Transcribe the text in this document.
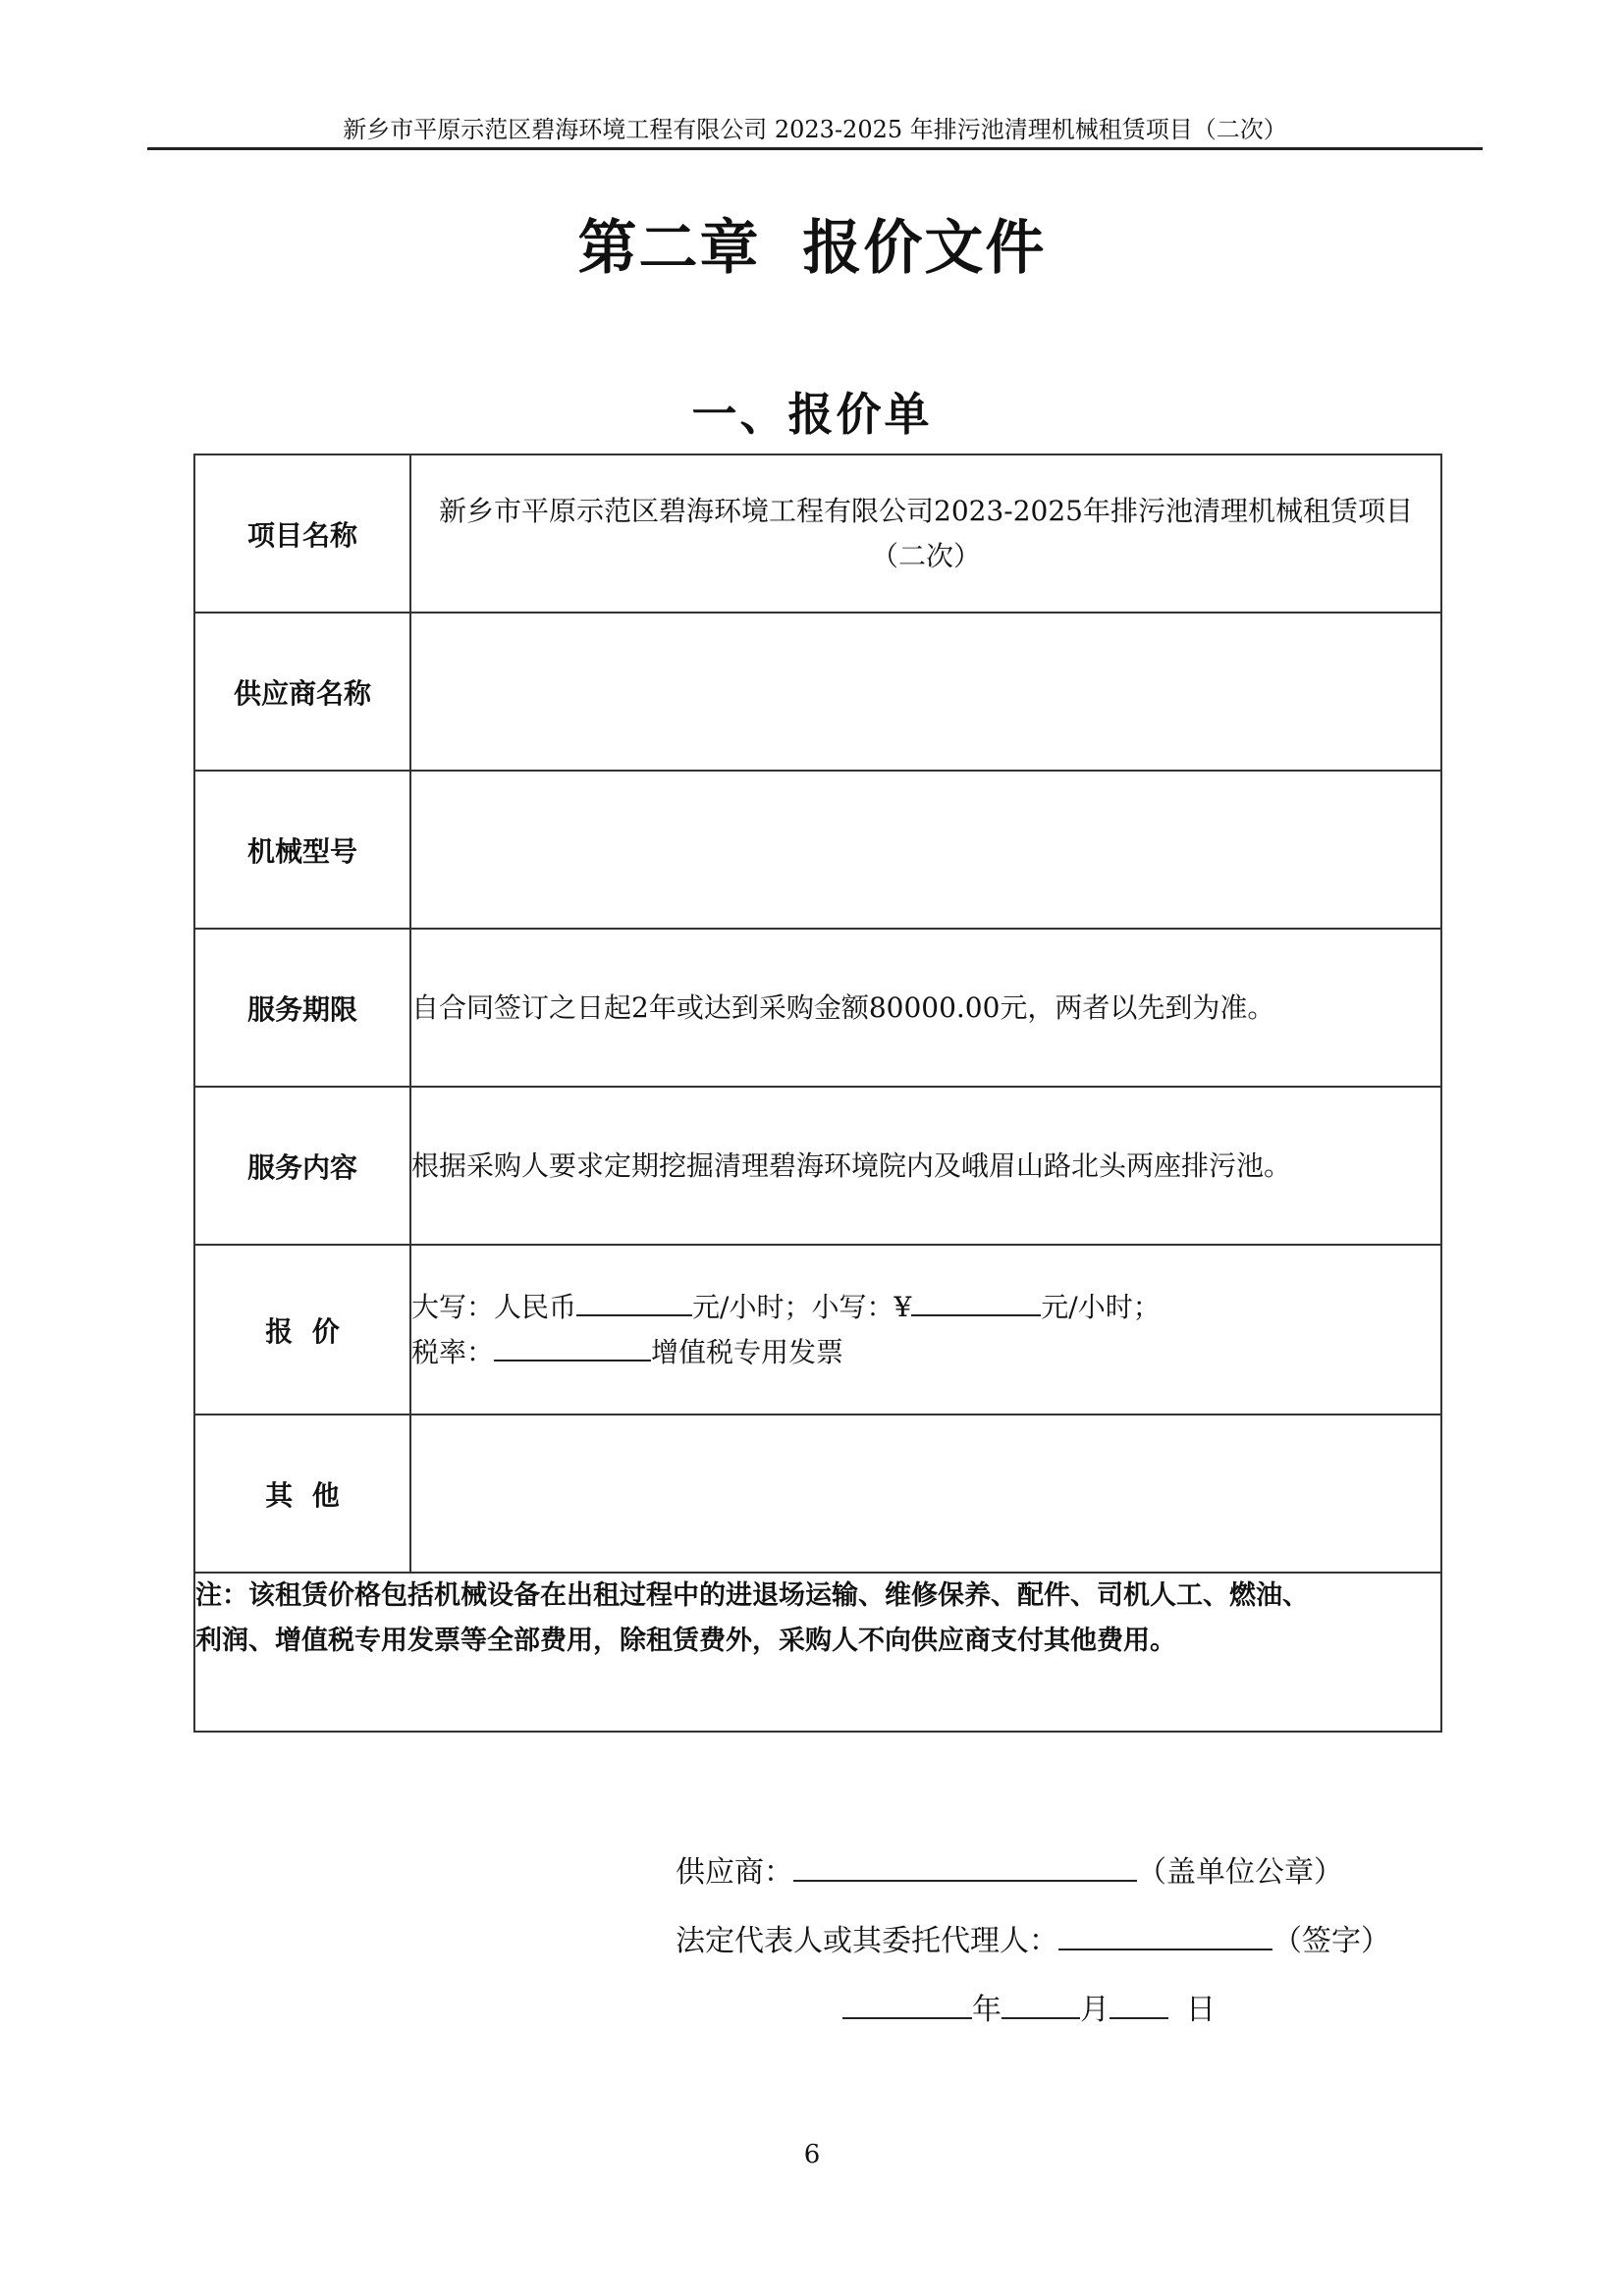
新乡市平原示范区碧海环境工程有限公司 2023-2025 年排污池清理机械租赁项目（二次）
第二章 报价文件
一、报价单
项目名称	新乡市平原示范区碧海环境工程有限公司2023-2025年排污池清理机械租赁项目
（二次）

供应商名称	
机械型号	
服务期限	自合同签订之日起2年或达到采购金额80000.00元，两者以先到为准。
服务内容	根据采购人要求定期挖掘清理碧海环境院内及峨眉山路北头两座排污池。
报  价	大写：人民币 元/小时；小写：¥ 元/小时；
税率： 增值税专用发票

其  他	

注：该租赁价格包括机械设备在出租过程中的进退场运输、维修保养、配件、司机人工、燃油、
利润、增值税专用发票等全部费用，除租赁费外，采购人不向供应商支付其他费用。	
供应商：	（盖单位公章）
法定代表人或其委托代理人：	（签字）
年	月	日
6
